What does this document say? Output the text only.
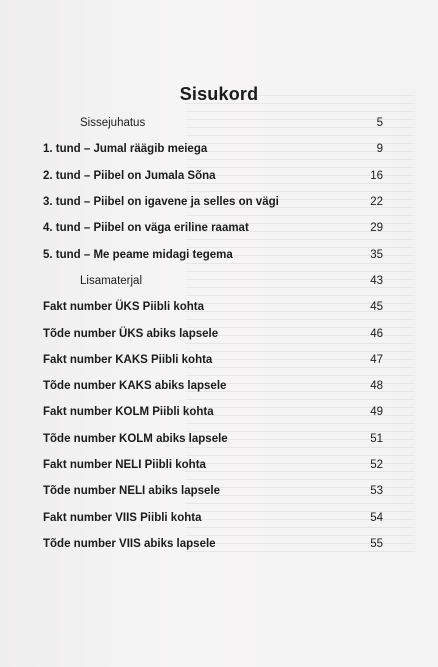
Sisukord
Sissejuhatus	5
1. tund – Jumal räägib meiega	9
2. tund – Piibel on Jumala Sõna	16
3. tund – Piibel on igavene ja selles on vägi	22
4. tund – Piibel on väga eriline raamat	29
5. tund – Me peame midagi tegema	35
Lisamaterjal	43
Fakt number ÜKS Piibli kohta	45
Tõde number ÜKS abiks lapsele	46
Fakt number KAKS Piibli kohta	47
Tõde number KAKS abiks lapsele	48
Fakt number KOLM Piibli kohta	49
Tõde number KOLM abiks lapsele	51
Fakt number NELI Piibli kohta	52
Tõde number NELI abiks lapsele	53
Fakt number VIIS Piibli kohta	54
Tõde number VIIS abiks lapsele	55
